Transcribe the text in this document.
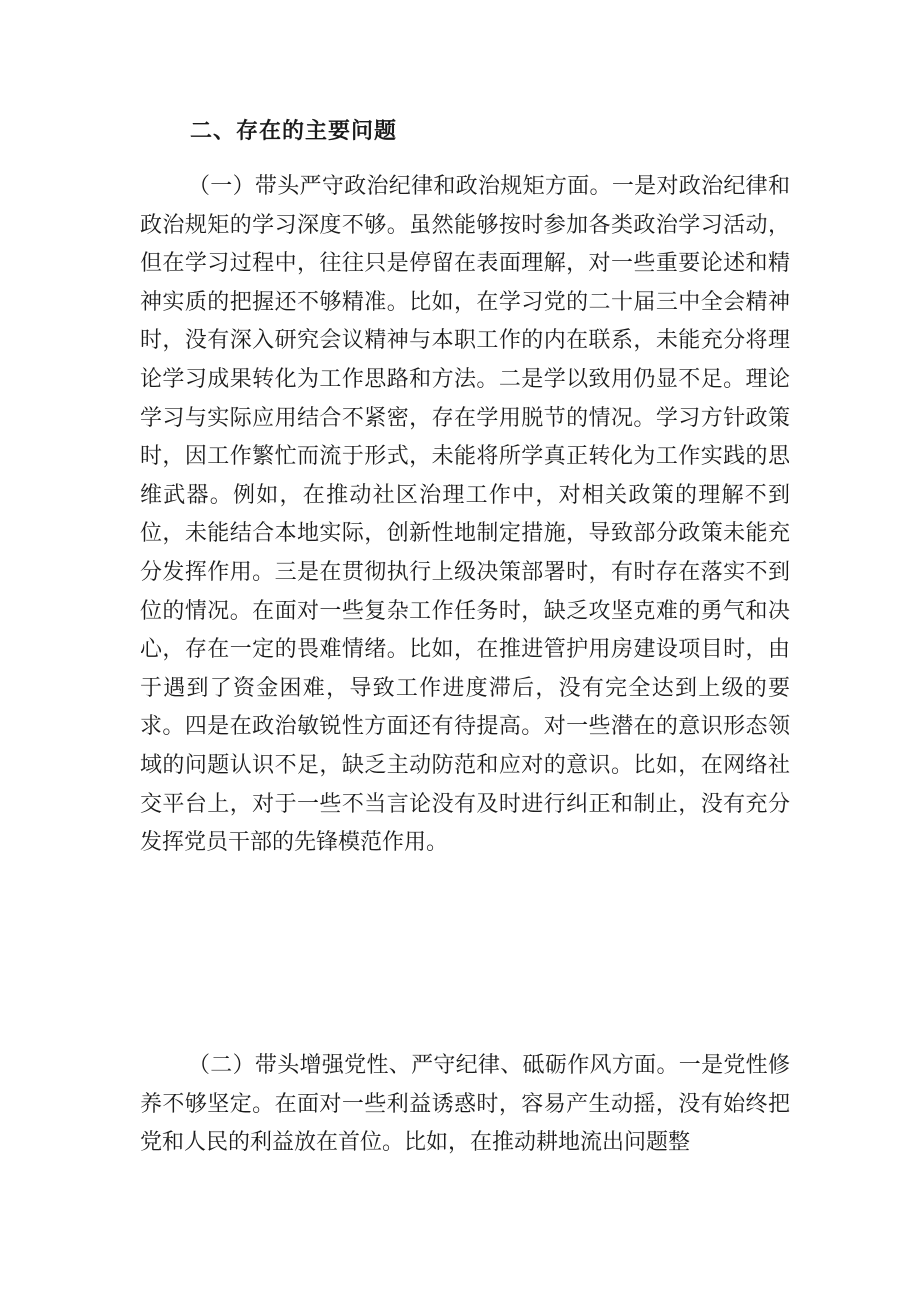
二、存在的主要问题

（一）带头严守政治纪律和政治规矩方面。一是对政治纪律和政治规矩的学习深度不够。虽然能够按时参加各类政治学习活动，但在学习过程中，往往只是停留在表面理解，对一些重要论述和精神实质的把握还不够精准。比如，在学习党的二十届三中全会精神时，没有深入研究会议精神与本职工作的内在联系，未能充分将理论学习成果转化为工作思路和方法。二是学以致用仍显不足。理论学习与实际应用结合不紧密，存在学用脱节的情况。学习方针政策时，因工作繁忙而流于形式，未能将所学真正转化为工作实践的思维武器。例如，在推动社区治理工作中，对相关政策的理解不到位，未能结合本地实际，创新性地制定措施，导致部分政策未能充分发挥作用。三是在贯彻执行上级决策部署时，有时存在落实不到位的情况。在面对一些复杂工作任务时，缺乏攻坚克难的勇气和决心，存在一定的畏难情绪。比如，在推进管护用房建设项目时，由于遇到了资金困难，导致工作进度滞后，没有完全达到上级的要求。四是在政治敏锐性方面还有待提高。对一些潜在的意识形态领域的问题认识不足，缺乏主动防范和应对的意识。比如，在网络社交平台上，对于一些不当言论没有及时进行纠正和制止，没有充分发挥党员干部的先锋模范作用。

（二）带头增强党性、严守纪律、砥砺作风方面。一是党性修养不够坚定。在面对一些利益诱惑时，容易产生动摇，没有始终把党和人民的利益放在首位。比如，在推动耕地流出问题整
